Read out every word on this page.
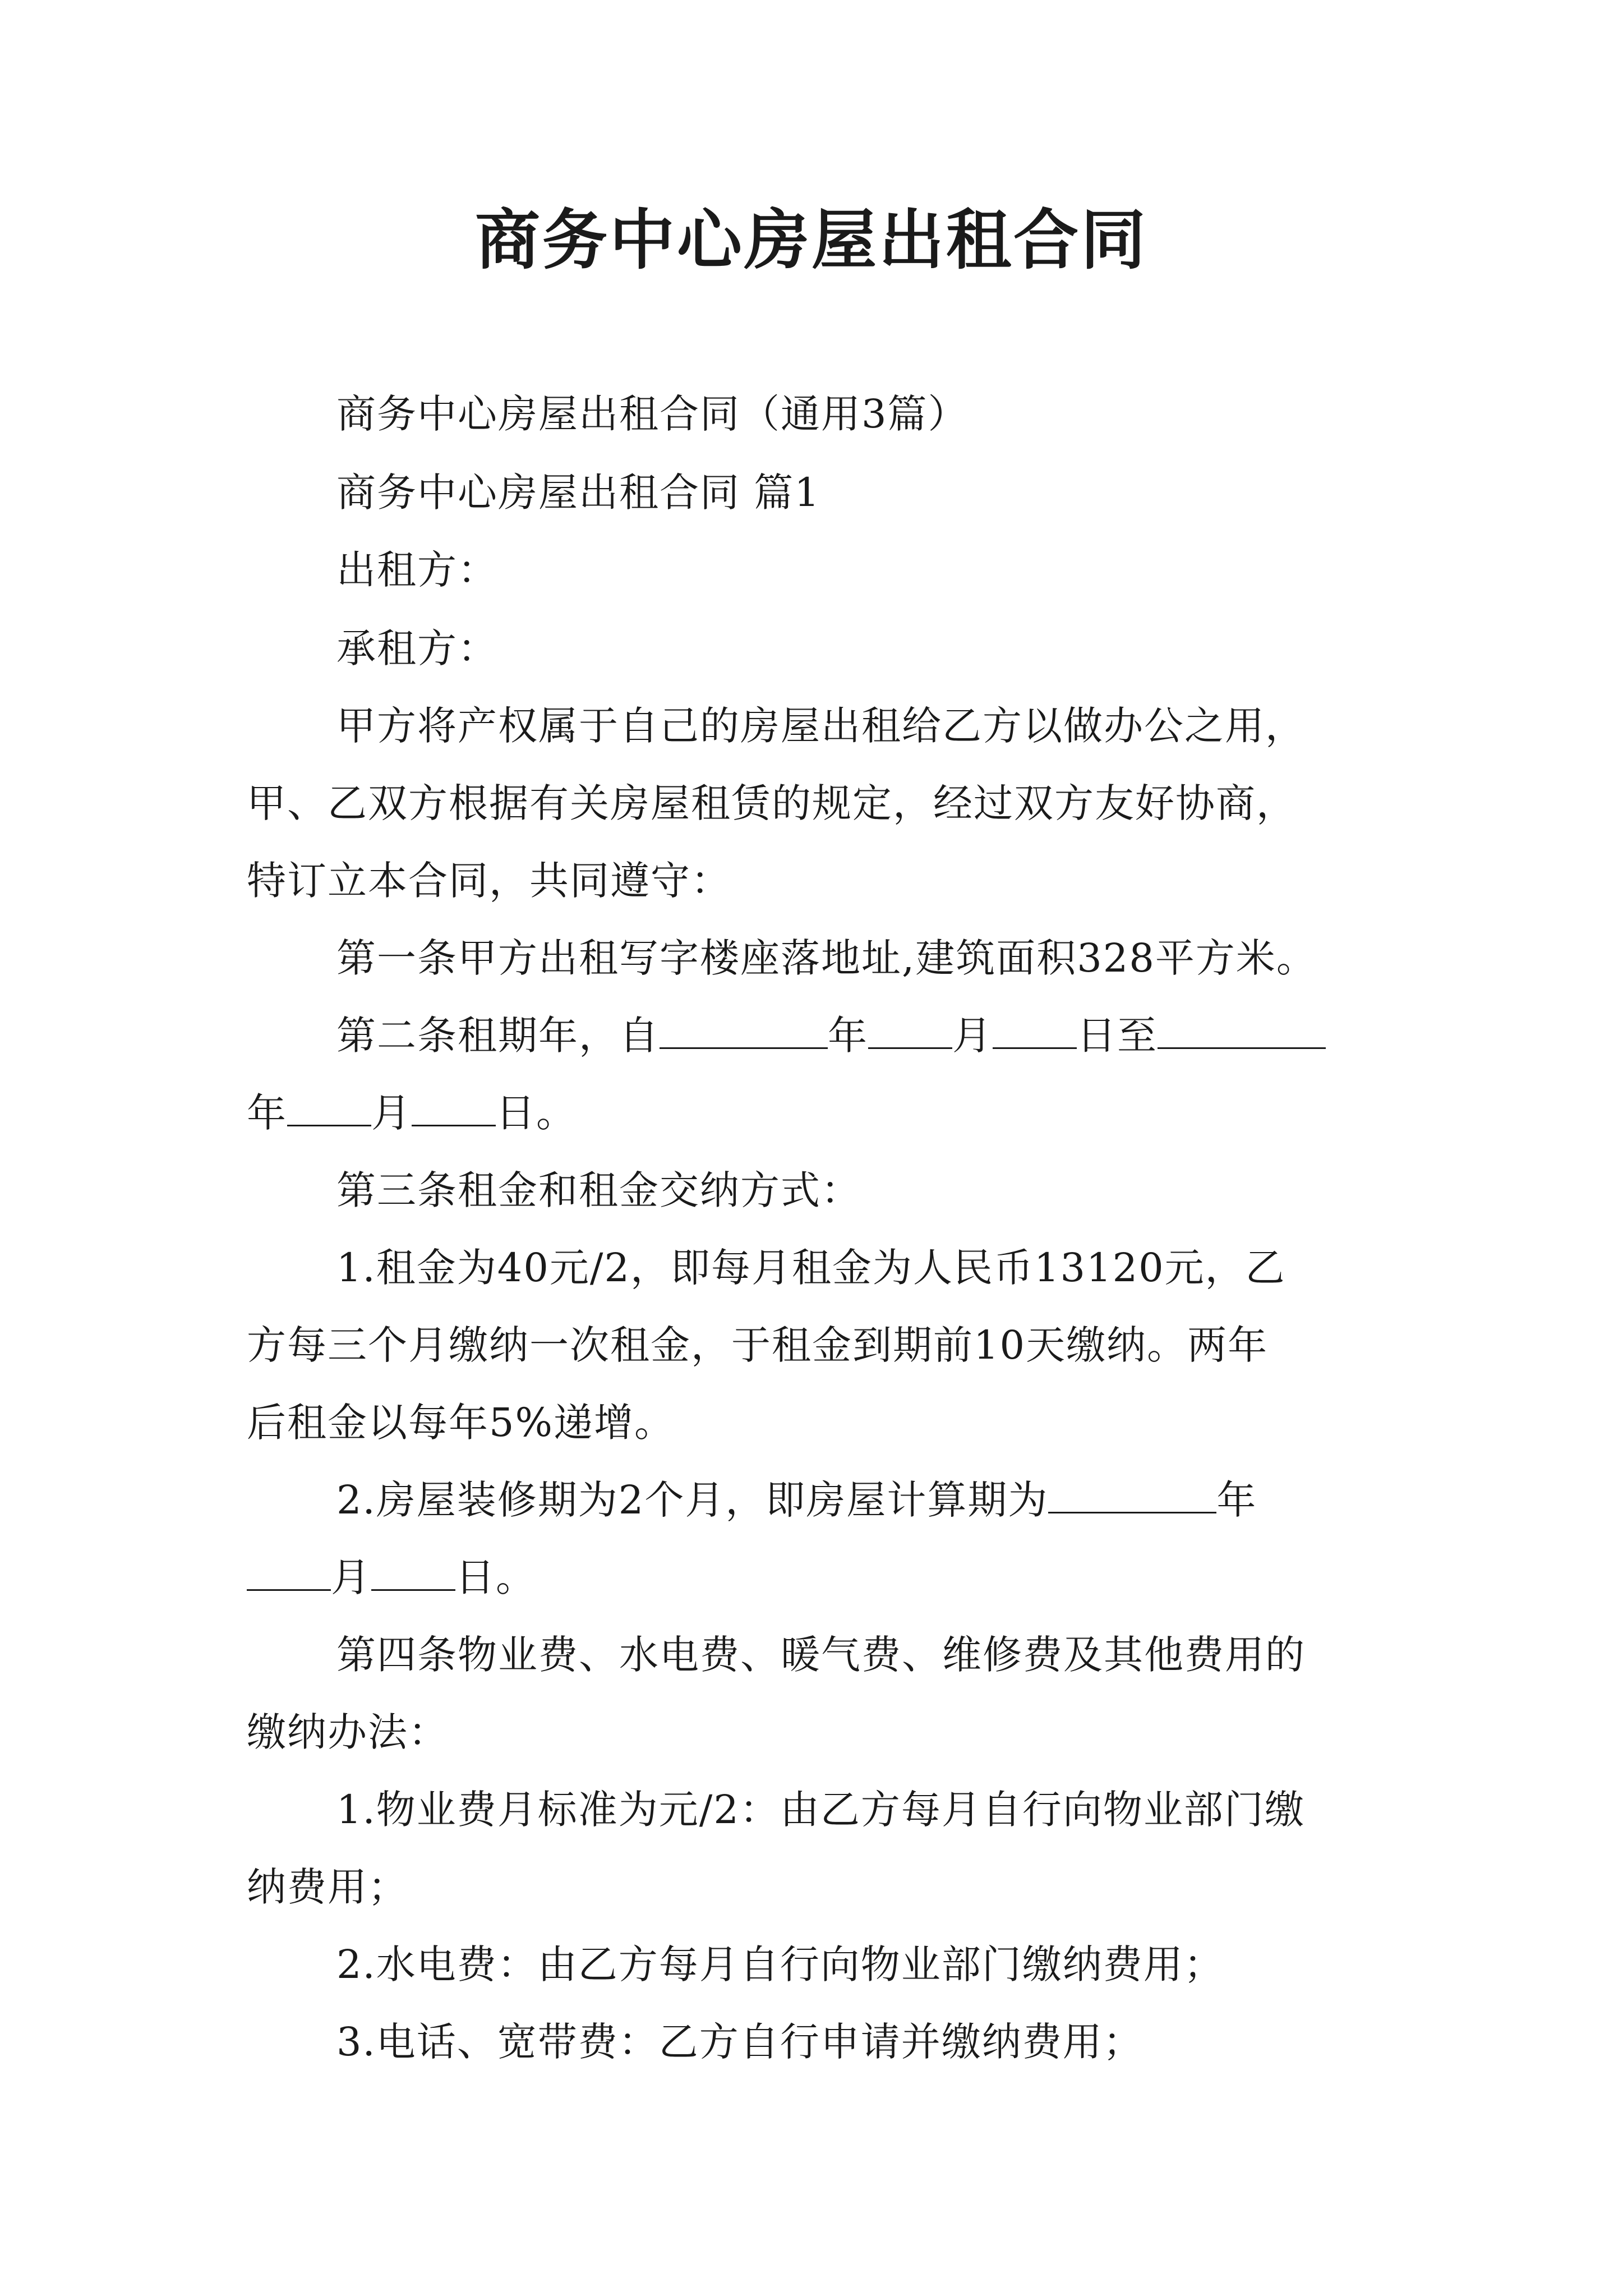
商务中心房屋出租合同
商务中心房屋出租合同（通用3篇）
商务中心房屋出租合同 篇1
出租方：
承租方：
甲方将产权属于自己的房屋出租给乙方以做办公之用，
甲、乙双方根据有关房屋租赁的规定，经过双方友好协商，
特订立本合同，共同遵守：
第一条甲方出租写字楼座落地址,建筑面积328平方米。
第二条租期年，自	年 月 日至
年 月 日。
第三条租金和租金交纳方式：
1.租金为40元/2，即每月租金为人民币13120元，乙
方每三个月缴纳一次租金，于租金到期前10天缴纳。两年
后租金以每年5%递增。
2.房屋装修期为2个月，即房屋计算期为	年
月 日。
第四条物业费、水电费、暖气费、维修费及其他费用的
缴纳办法：
1.物业费月标准为元/2：由乙方每月自行向物业部门缴
纳费用；
2.水电费：由乙方每月自行向物业部门缴纳费用；
3.电话、宽带费：乙方自行申请并缴纳费用；
